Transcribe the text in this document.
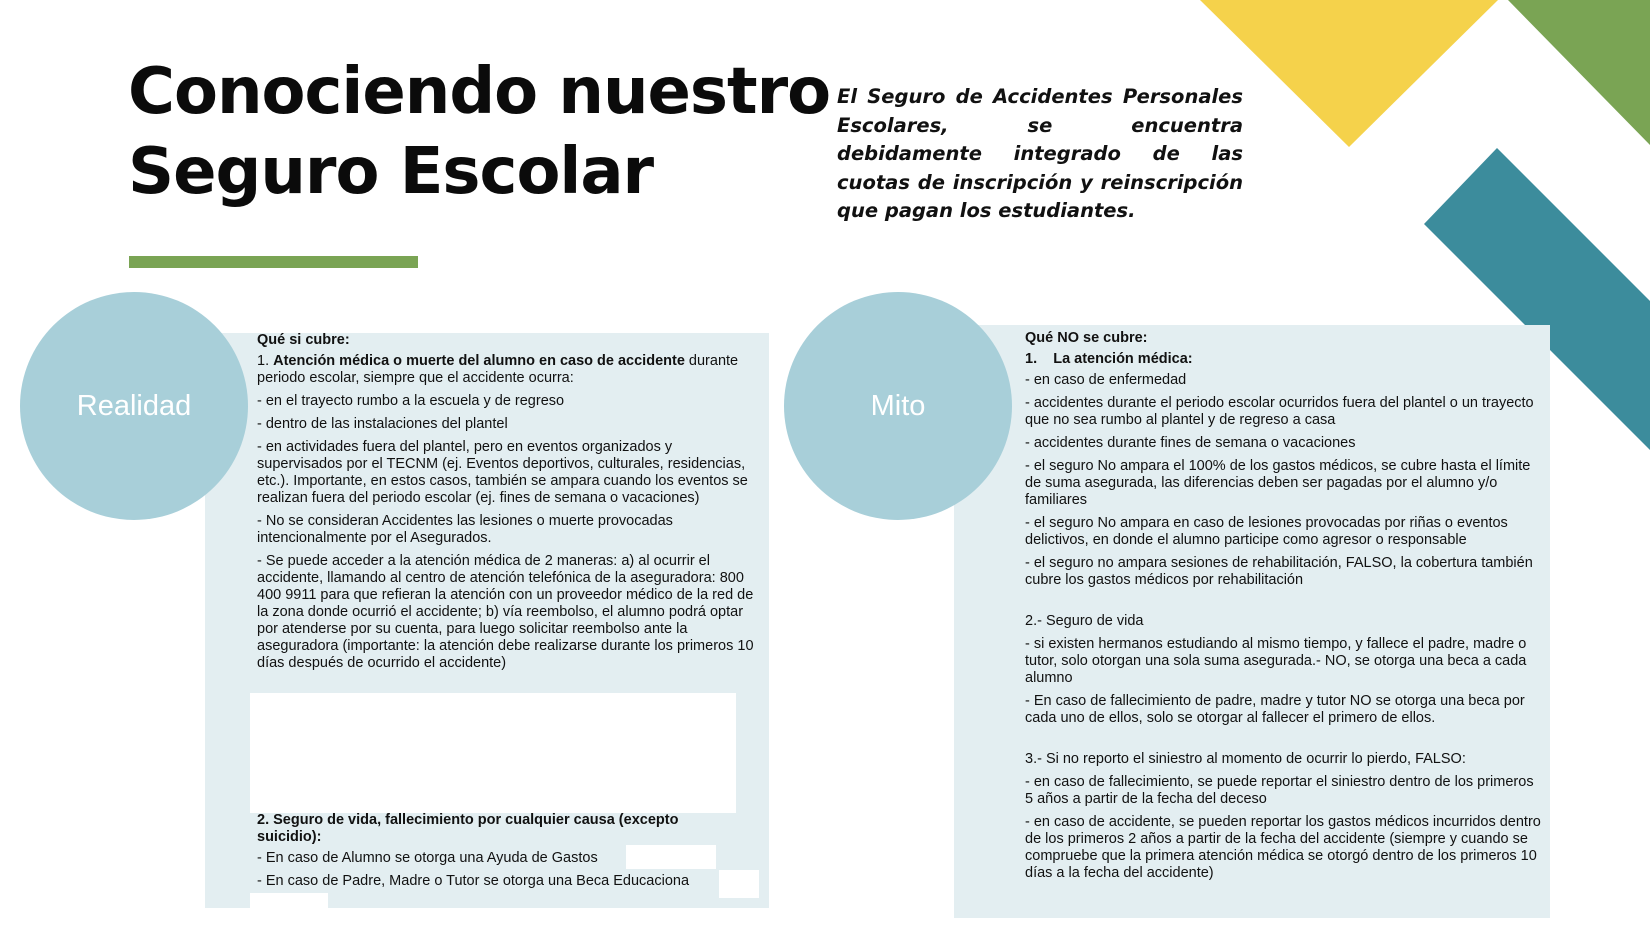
Conociendo nuestro
Seguro Escolar

El Seguro de Accidentes Personales Escolares, se encuentra debidamente integrado de las cuotas de inscripción y reinscripción que pagan los estudiantes.

Qué si cubre:

1. Atención médica o muerte del alumno en caso de accidente durante periodo escolar, siempre que el accidente ocurra:

- en el trayecto rumbo a la escuela y de regreso

- dentro de las instalaciones del plantel

- en actividades fuera del plantel, pero en eventos organizados y supervisados por el TECNM (ej. Eventos deportivos, culturales, residencias, etc.). Importante, en estos casos, también se ampara cuando los eventos se realizan fuera del periodo escolar (ej. fines de semana o vacaciones)

- No se consideran Accidentes las lesiones o muerte provocadas intencionalmente por el Asegurados.

- Se puede acceder a la atención médica de 2 maneras: a) al ocurrir el accidente, llamando al centro de atención telefónica de la aseguradora: 800 400 9911 para que refieran la atención con un proveedor médico de la red de la zona donde ocurrió el accidente; b) vía reembolso, el alumno podrá optar por atenderse por su cuenta, para luego solicitar reembolso ante la aseguradora (importante: la atención debe realizarse durante los primeros 10 días después de ocurrido el accidente)

2. Seguro de vida, fallecimiento por cualquier causa (excepto suicidio):

- En caso de Alumno se otorga una Ayuda de Gastos

- En caso de Padre, Madre o Tutor se otorga una Beca Educaciona

Qué NO se cubre:

1.    La atención médica:

- en caso de enfermedad

- accidentes durante el periodo escolar ocurridos fuera del plantel o un trayecto que no sea rumbo al plantel y de regreso a casa

- accidentes durante fines de semana o vacaciones

- el seguro No ampara el 100% de los gastos médicos, se cubre hasta el límite de suma asegurada, las diferencias deben ser pagadas por el alumno y/o familiares

- el seguro No ampara en caso de lesiones provocadas por riñas o eventos delictivos, en donde el alumno participe como agresor o responsable

- el seguro no ampara sesiones de rehabilitación, FALSO, la cobertura también cubre los gastos médicos por rehabilitación

2.- Seguro de vida

- si existen hermanos estudiando al mismo tiempo, y fallece el padre, madre o tutor, solo otorgan una sola suma asegurada.- NO, se otorga una beca a cada alumno

- En caso de fallecimiento de padre, madre y tutor NO se otorga una beca por cada uno de ellos, solo se otorgar al fallecer el primero de ellos.

3.- Si no reporto el siniestro al momento de ocurrir lo pierdo, FALSO:

- en caso de fallecimiento, se puede reportar el siniestro dentro de los primeros 5 años a partir de la fecha del deceso

- en caso de accidente, se pueden reportar los gastos médicos incurridos dentro de los primeros 2 años a partir de la fecha del accidente (siempre y cuando se compruebe que la primera atención médica se otorgó dentro de los primeros 10 días a la fecha del accidente)

Realidad	Mito
